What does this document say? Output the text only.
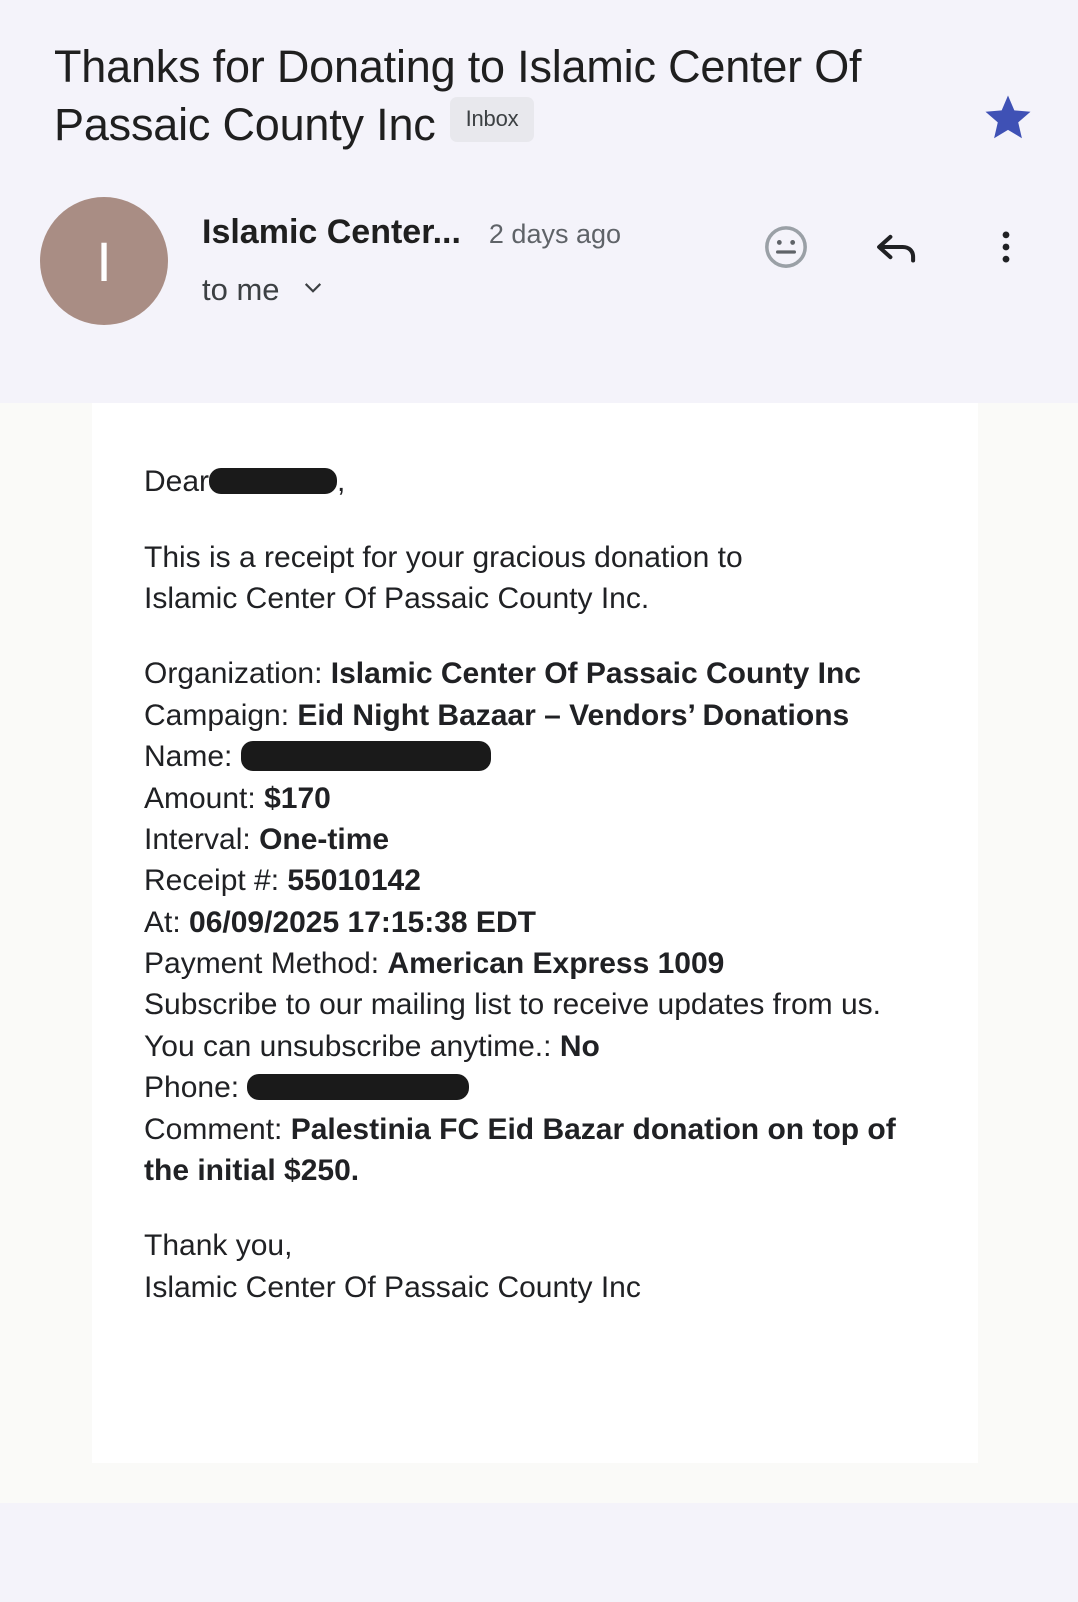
Thanks for Donating to Islamic Center Of Passaic County Inc Inbox
I	Islamic Center... 2 days ago
to me
Dear	,
This is a receipt for your gracious donation to
Islamic Center Of Passaic County Inc.
Organization: Islamic Center Of Passaic County Inc
Campaign: Eid Night Bazaar – Vendors’ Donations
Name:
Amount: $170
Interval: One-time
Receipt #: 55010142
At: 06/09/2025 17:15:38 EDT
Payment Method: American Express 1009
Subscribe to our mailing list to receive updates from us. You can unsubscribe anytime.: No
Phone:
Comment: Palestinia FC Eid Bazar donation on top of the initial $250.
Thank you,
Islamic Center Of Passaic County Inc
